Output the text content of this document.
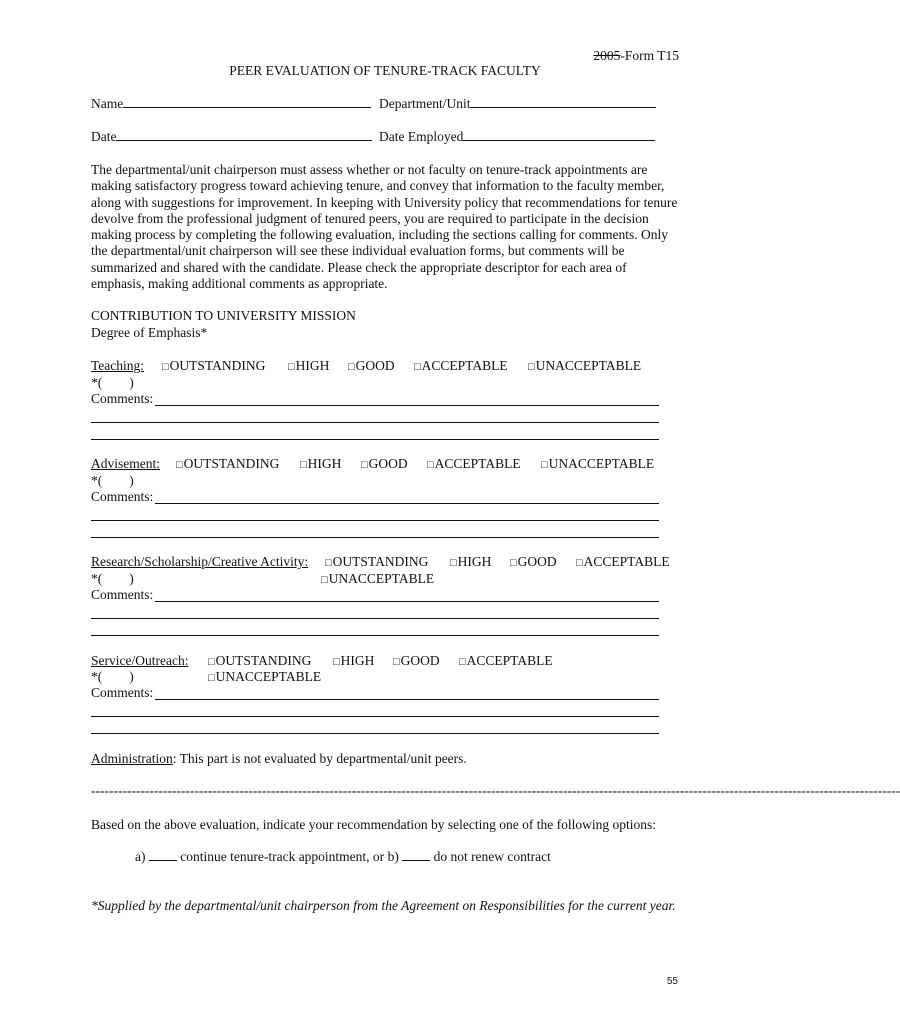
2005-Form T15
PEER EVALUATION OF TENURE-TRACK FACULTY
Name	Department/Unit
Date	Date Employed
The departmental/unit chairperson must assess whether or not faculty on tenure-track appointments are making satisfactory progress toward achieving tenure, and convey that information to the faculty member, along with suggestions for improvement. In keeping with University policy that recommendations for tenure devolve from the professional judgment of tenured peers, you are required to participate in the decision making process by completing the following evaluation, including the sections calling for comments. Only the departmental/unit chairperson will see these individual evaluation forms, but comments will be summarized and shared with the candidate. Please check the appropriate descriptor for each area of emphasis, making additional comments as appropriate.
CONTRIBUTION TO UNIVERSITY MISSION
Degree of Emphasis*
Teaching:	□ OUTSTANDING	□ HIGH	□ GOOD	□ ACCEPTABLE	□ UNACCEPTABLE
*(        )
Comments:
Advisement:	□ OUTSTANDING	□ HIGH	□ GOOD	□ ACCEPTABLE	□ UNACCEPTABLE
*(        )
Comments:
Research/Scholarship/Creative Activity:	□ OUTSTANDING	□ HIGH	□ GOOD	□ ACCEPTABLE
*(        )	□ UNACCEPTABLE
Comments:
Service/Outreach:	□ OUTSTANDING	□ HIGH	□ GOOD	□ ACCEPTABLE
*(        )	□ UNACCEPTABLE
Comments:
Administration: This part is not evaluated by departmental/unit peers.
------------------------------------------------------------------------------------------------------------------------------------------------------------------------------------
Based on the above evaluation, indicate your recommendation by selecting one of the following options:
a)	continue tenure-track appointment, or b)	do not renew contract
*Supplied by the departmental/unit chairperson from the Agreement on Responsibilities for the current year.
55
